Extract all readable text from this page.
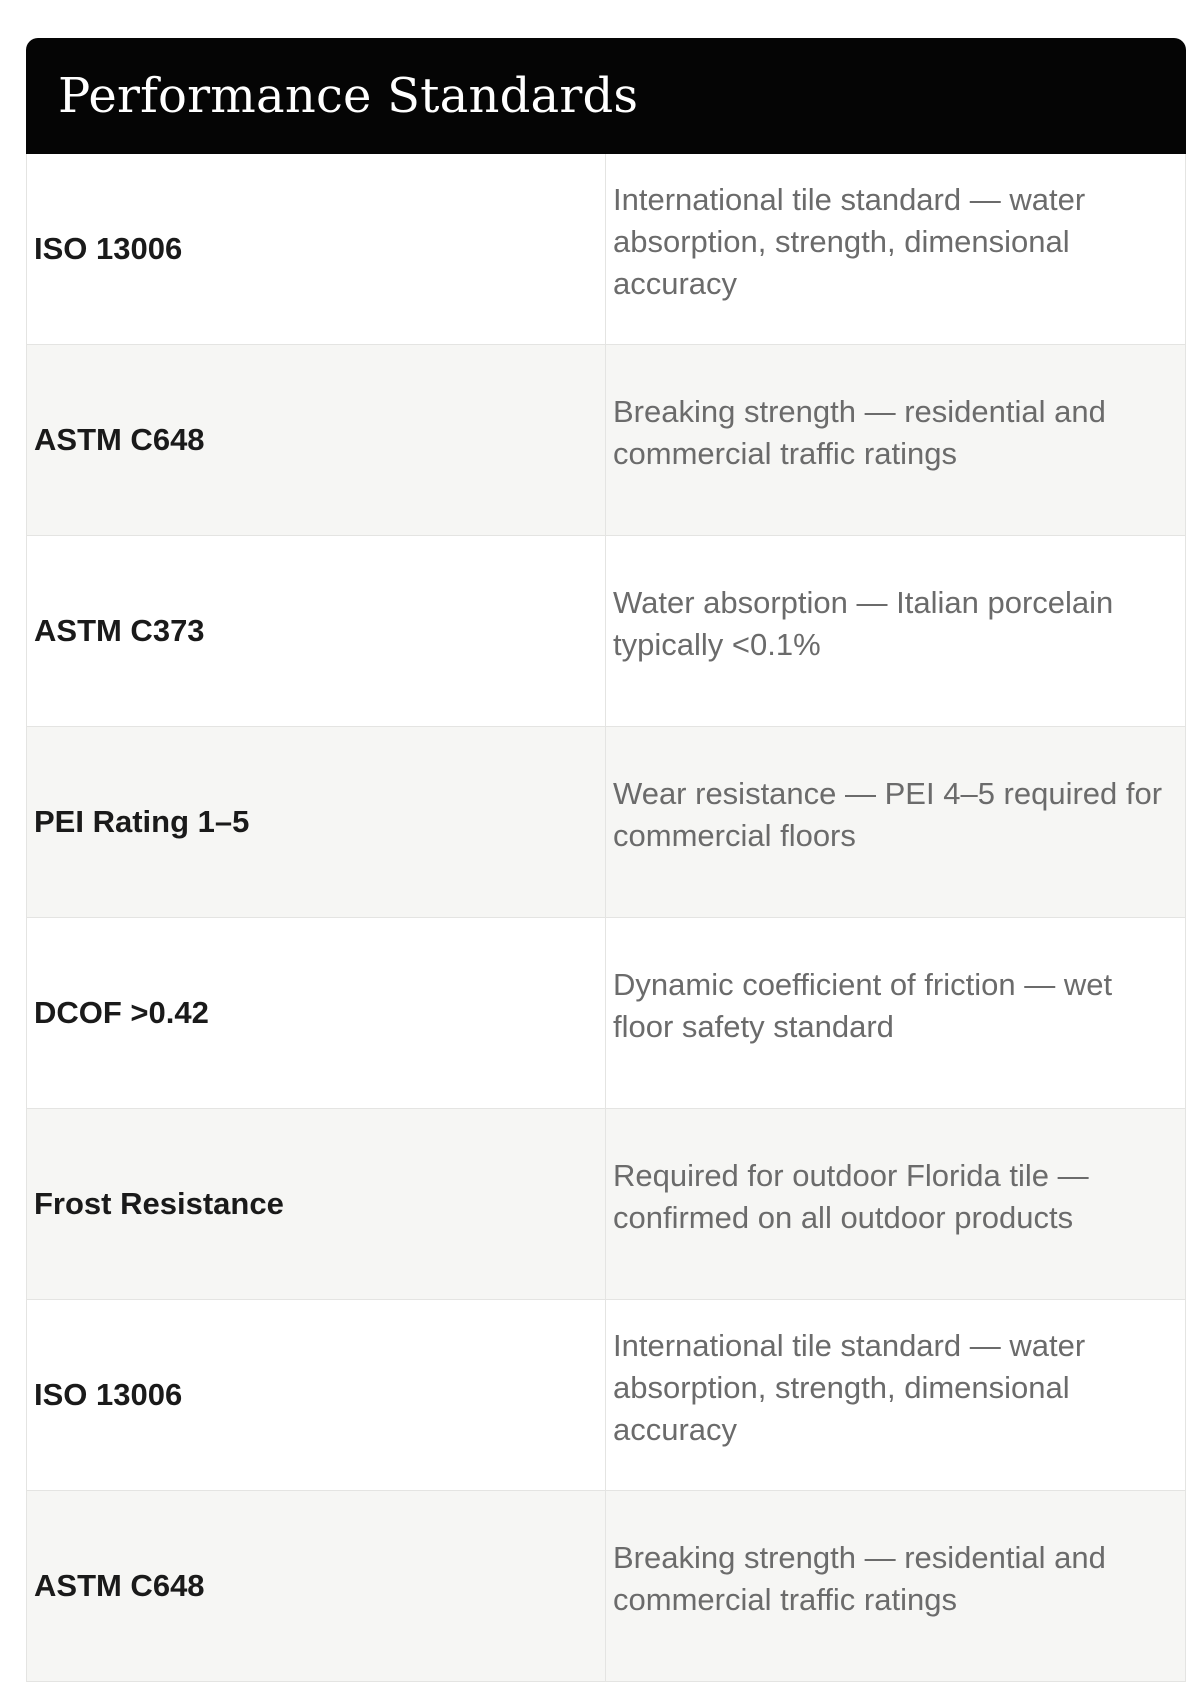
Performance Standards
ISO 13006
International tile standard — water absorption, strength, dimensional accuracy
ASTM C648
Breaking strength — residential and commercial traffic ratings
ASTM C373
Water absorption — Italian porcelain typically <0.1%
PEI Rating 1–5
Wear resistance — PEI 4–5 required for commercial floors
DCOF >0.42
Dynamic coefficient of friction — wet floor safety standard
Frost Resistance
Required for outdoor Florida tile — confirmed on all outdoor products
ISO 13006
International tile standard — water absorption, strength, dimensional accuracy
ASTM C648
Breaking strength — residential and commercial traffic ratings
